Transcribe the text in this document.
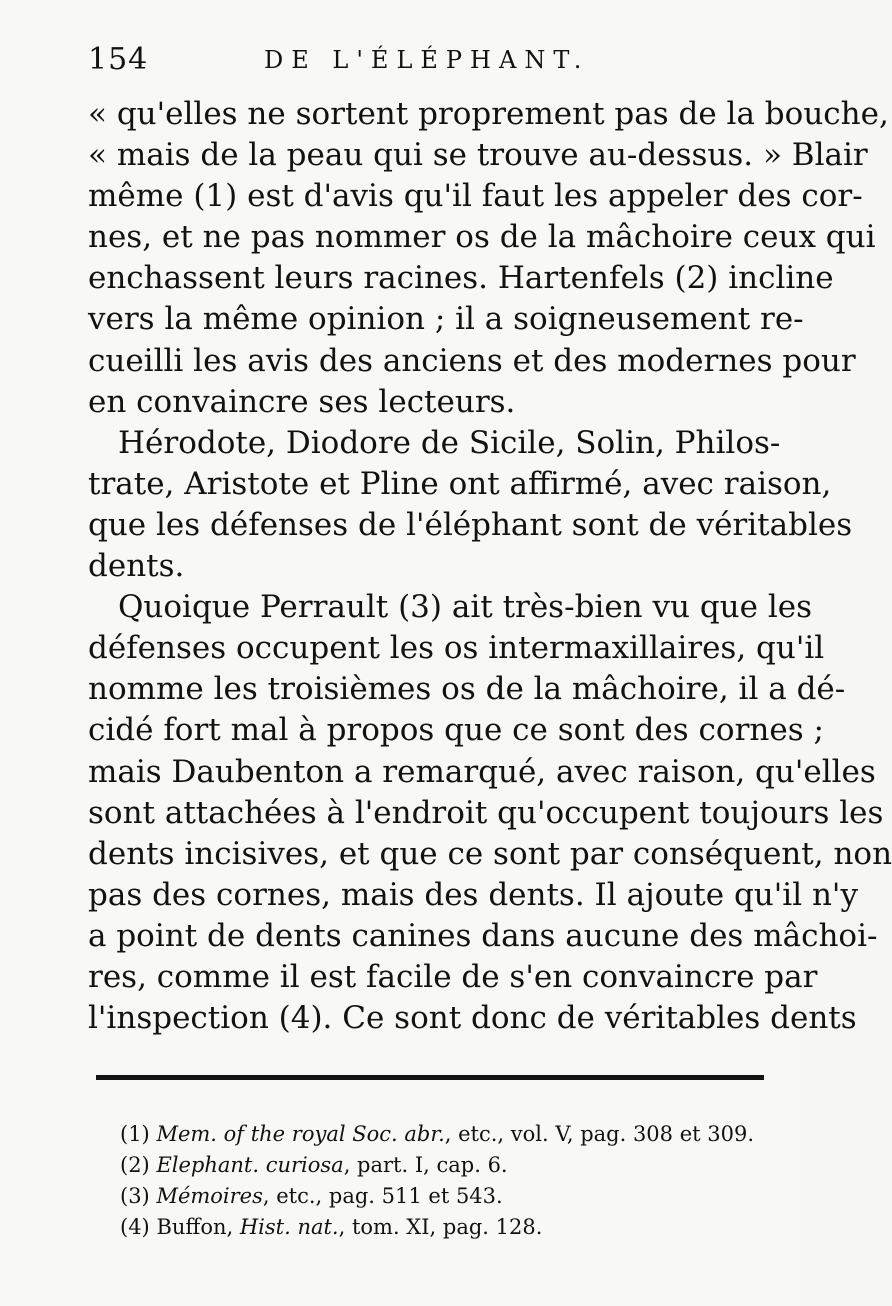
154	DE L'ÉLÉPHANT.

« qu'elles ne sortent proprement pas de la bouche,
« mais de la peau qui se trouve au-dessus. » Blair
même (1) est d'avis qu'il faut les appeler des cor-
nes, et ne pas nommer os de la mâchoire ceux qui
enchassent leurs racines. Hartenfels (2) incline
vers la même opinion ; il a soigneusement re-
cueilli les avis des anciens et des modernes pour
en convaincre ses lecteurs.

Hérodote, Diodore de Sicile, Solin, Philos-
trate, Aristote et Pline ont affirmé, avec raison,
que les défenses de l'éléphant sont de véritables
dents.

Quoique Perrault (3) ait très-bien vu que les
défenses occupent les os intermaxillaires, qu'il
nomme les troisièmes os de la mâchoire, il a dé-
cidé fort mal à propos que ce sont des cornes ;
mais Daubenton a remarqué, avec raison, qu'elles
sont attachées à l'endroit qu'occupent toujours les
dents incisives, et que ce sont par conséquent, non
pas des cornes, mais des dents. Il ajoute qu'il n'y
a point de dents canines dans aucune des mâchoi-
res, comme il est facile de s'en convaincre par
l'inspection (4). Ce sont donc de véritables dents

(1) Mem. of the royal Soc. abr., etc., vol. V, pag. 308 et 309.
(2) Elephant. curiosa, part. I, cap. 6.
(3) Mémoires, etc., pag. 511 et 543.
(4) Buffon, Hist. nat., tom. XI, pag. 128.
